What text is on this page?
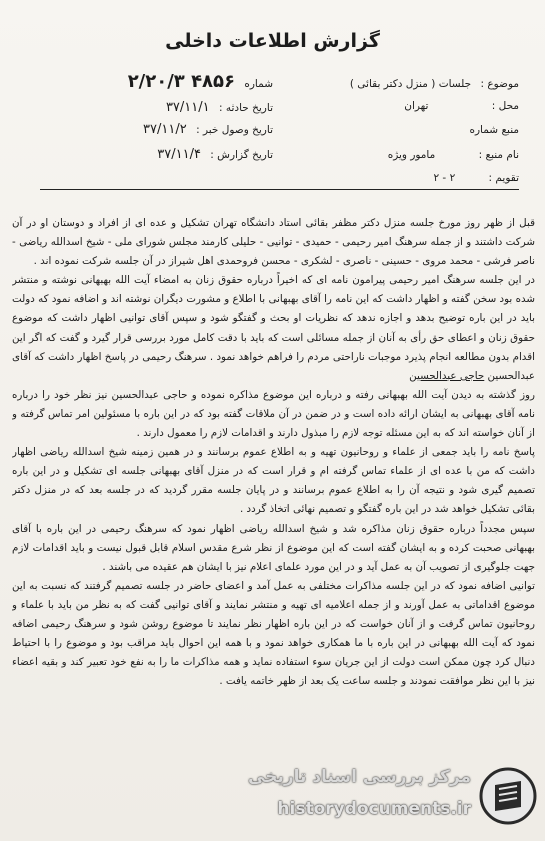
گزارش اطلاعات داخلی
موضوع : جلسات ( منزل دکتر بقائی )
شماره ۴۸۵۶ ۲/۲۰/۳
محل : تهران
تاریخ حادثه : ۳۷/۱۱/۱
منبع شماره
تاریخ وصول خبر : ۳۷/۱۱/۲
نام منبع : مامور ویژه
تاریخ گزارش : ۳۷/۱۱/۴
تقویم : ۲ - ۲

قبل از ظهر روز مورخ جلسه منزل دکتر مظفر بقائی استاد دانشگاه تهران تشکیل و عده ای از افراد و دوستان او در آن شرکت داشتند و از جمله سرهنگ امیر رحیمی - حمیدی - توانیی - حلیلی کارمند مجلس شورای ملی - شیخ اسدالله ریاضی - ناصر فرشی - محمد مروی - حسینی - ناصری - لشکری - محسن فروحمدی اهل شیراز در آن جلسه شرکت نموده اند .

در این جلسه سرهنگ امیر رحیمی پیرامون نامه ای که اخیراً درباره حقوق زنان به امضاء آیت الله بهبهانی نوشته و منتشر شده بود سخن گفته و اظهار داشت که این نامه را آقای بهبهانی با اطلاع و مشورت دیگران نوشته اند و اضافه نمود که دولت باید در این باره توضیح بدهد و اجازه ندهد که نظریات او بحث و گفتگو شود و سپس آقای توانیی اظهار داشت که موضوع حقوق زنان و اعطای حق رأی به آنان از جمله مسائلی است که باید با دقت کامل مورد بررسی قرار گیرد و گفت که اگر این اقدام بدون مطالعه انجام پذیرد موجبات ناراحتی مردم را فراهم خواهد نمود . سرهنگ رحیمی در پاسخ اظهار داشت که آقای عبدالحسین حاجی عبدالحسین

روز گذشته به دیدن آیت الله بهبهانی رفته و درباره این موضوع مذاکره نموده و حاجی عبدالحسین نیز نظر خود را درباره نامه آقای بهبهانی به ایشان ارائه داده است و در ضمن در آن ملاقات گفته بود که در این باره با مسئولین امر تماس گرفته و از آنان خواسته اند که به این مسئله توجه لازم را مبذول دارند و اقدامات لازم را معمول دارند .

پاسخ نامه را باید جمعی از علماء و روحانیون تهیه و به اطلاع عموم برسانند و در همین زمینه شیخ اسدالله ریاضی اظهار داشت که من با عده ای از علماء تماس گرفته ام و قرار است که در منزل آقای بهبهانی جلسه ای تشکیل و در این باره تصمیم گیری شود و نتیجه آن را به اطلاع عموم برسانند و در پایان جلسه مقرر گردید که در جلسه بعد که در منزل دکتر بقائی تشکیل خواهد شد در این باره گفتگو و تصمیم نهائی اتخاذ گردد .

سپس مجدداً درباره حقوق زنان مذاکره شد و شیخ اسدالله ریاضی اظهار نمود که سرهنگ رحیمی در این باره با آقای بهبهانی صحبت کرده و به ایشان گفته است که این موضوع از نظر شرع مقدس اسلام قابل قبول نیست و باید اقدامات لازم جهت جلوگیری از تصویب آن به عمل آید و در این مورد علمای اعلام نیز با ایشان هم عقیده می باشند .

توانیی اضافه نمود که در این جلسه مذاکرات مختلفی به عمل آمد و اعضای حاضر در جلسه تصمیم گرفتند که نسبت به این موضوع اقداماتی به عمل آورند و از جمله اعلامیه ای تهیه و منتشر نمایند و آقای توانیی گفت که به نظر من باید با علماء و روحانیون تماس گرفت و از آنان خواست که در این باره اظهار نظر نمایند تا موضوع روشن شود و سرهنگ رحیمی اضافه نمود که آیت الله بهبهانی در این باره با ما همکاری خواهد نمود و با همه این احوال باید مراقب بود و موضوع را با احتیاط دنبال کرد چون ممکن است دولت از این جریان سوء استفاده نماید و همه مذاکرات ما را به نفع خود تعبیر کند و بقیه اعضاء نیز با این نظر موافقت نمودند و جلسه ساعت یک بعد از ظهر خاتمه یافت .

مرکز بررسی اسناد تاریخی
historydocuments.ir
